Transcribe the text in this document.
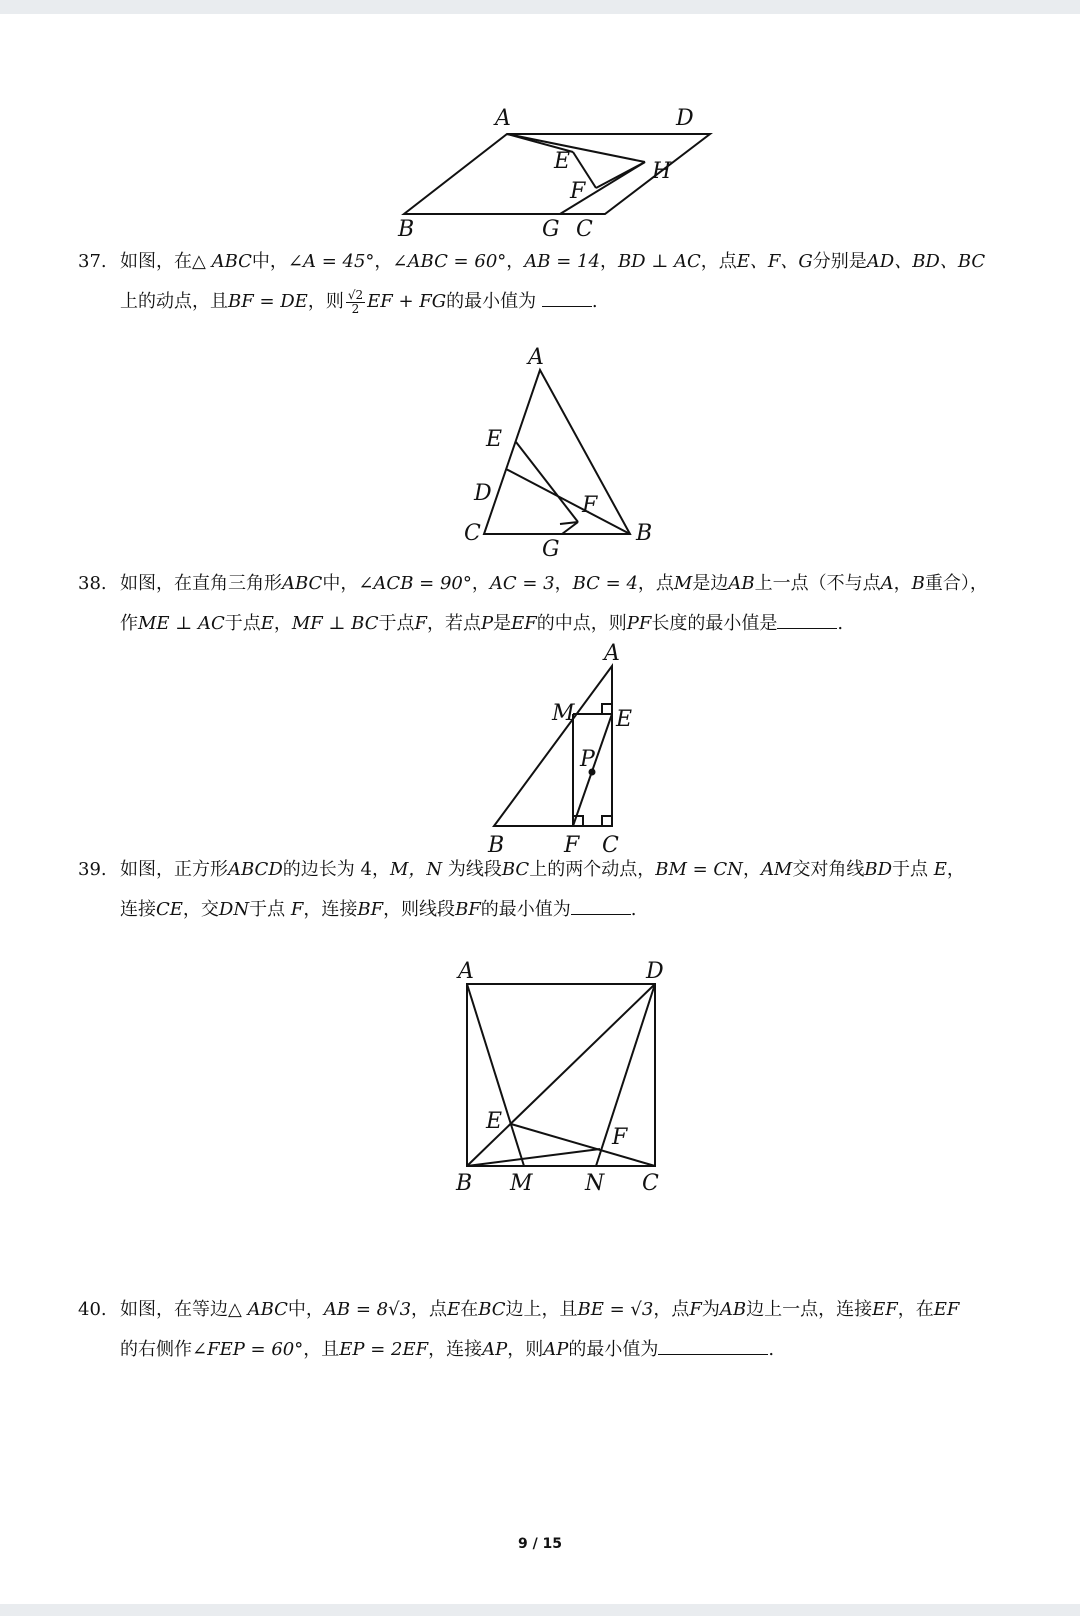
A	D
E	H
F
B	G C
37. 如图，在△ ABC中，∠A = 45°，∠ABC = 60°，AB = 14，BD ⊥ AC，点E、F、G分别是AD、BD、BC
上的动点，且BF = DE，则 $\frac{√2}{2}$ EF + FG的最小值为	.
A
E
D	F
C
G
B
38. 如图，在直角三角形ABC中，∠ACB = 90°，AC = 3，BC = 4，点M是边AB上一点（不与点A，B重合），
作ME ⊥ AC于点E，MF ⊥ BC于点F，若点P是EF的中点，则PF长度的最小值是	.
A
M E
P
B	F C
39. 如图，正方形ABCD的边长为 4，M，N 为线段BC上的两个动点，BM = CN，AM交对角线BD于点 E，
连接CE，交DN于点 F，连接BF，则线段BF的最小值为	.
A	D
E
F
B M N C
40. 如图，在等边△ ABC中，AB = 8√3，点E在BC边上，且BE = √3，点F为AB边上一点，连接EF，在EF
的右侧作∠FEP = 60°，且EP = 2EF，连接AP，则AP的最小值为	.
9 / 15
